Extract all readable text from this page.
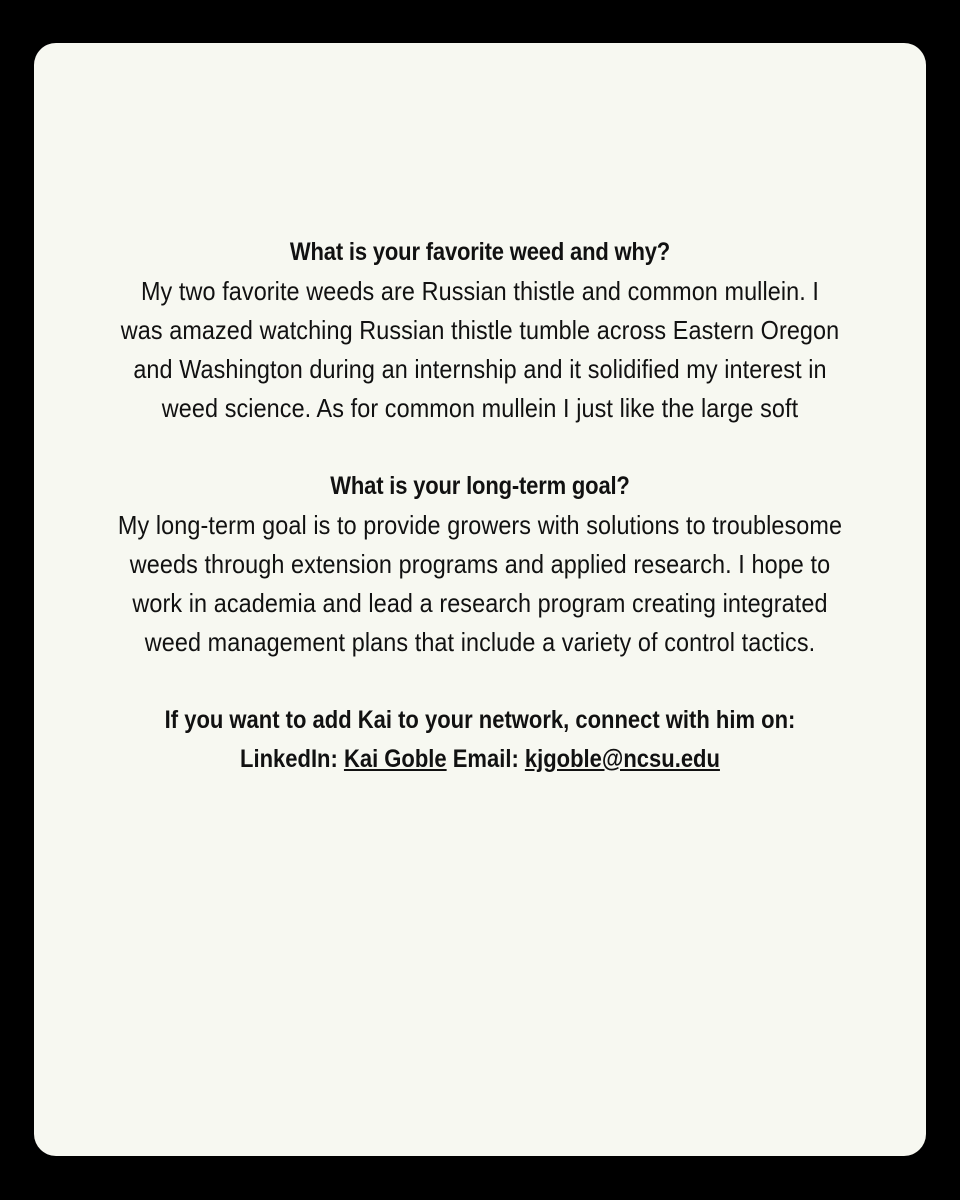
What is your favorite weed and why?
My two favorite weeds are Russian thistle and common mullein. I
was amazed watching Russian thistle tumble across Eastern Oregon
and Washington during an internship and it solidified my interest in
weed science. As for common mullein I just like the large soft
What is your long-term goal?
My long-term goal is to provide growers with solutions to troublesome
weeds through extension programs and applied research. I hope to
work in academia and lead a research program creating integrated
weed management plans that include a variety of control tactics.
If you want to add Kai to your network, connect with him on:
LinkedIn: Kai Goble Email: kjgoble@ncsu.edu
